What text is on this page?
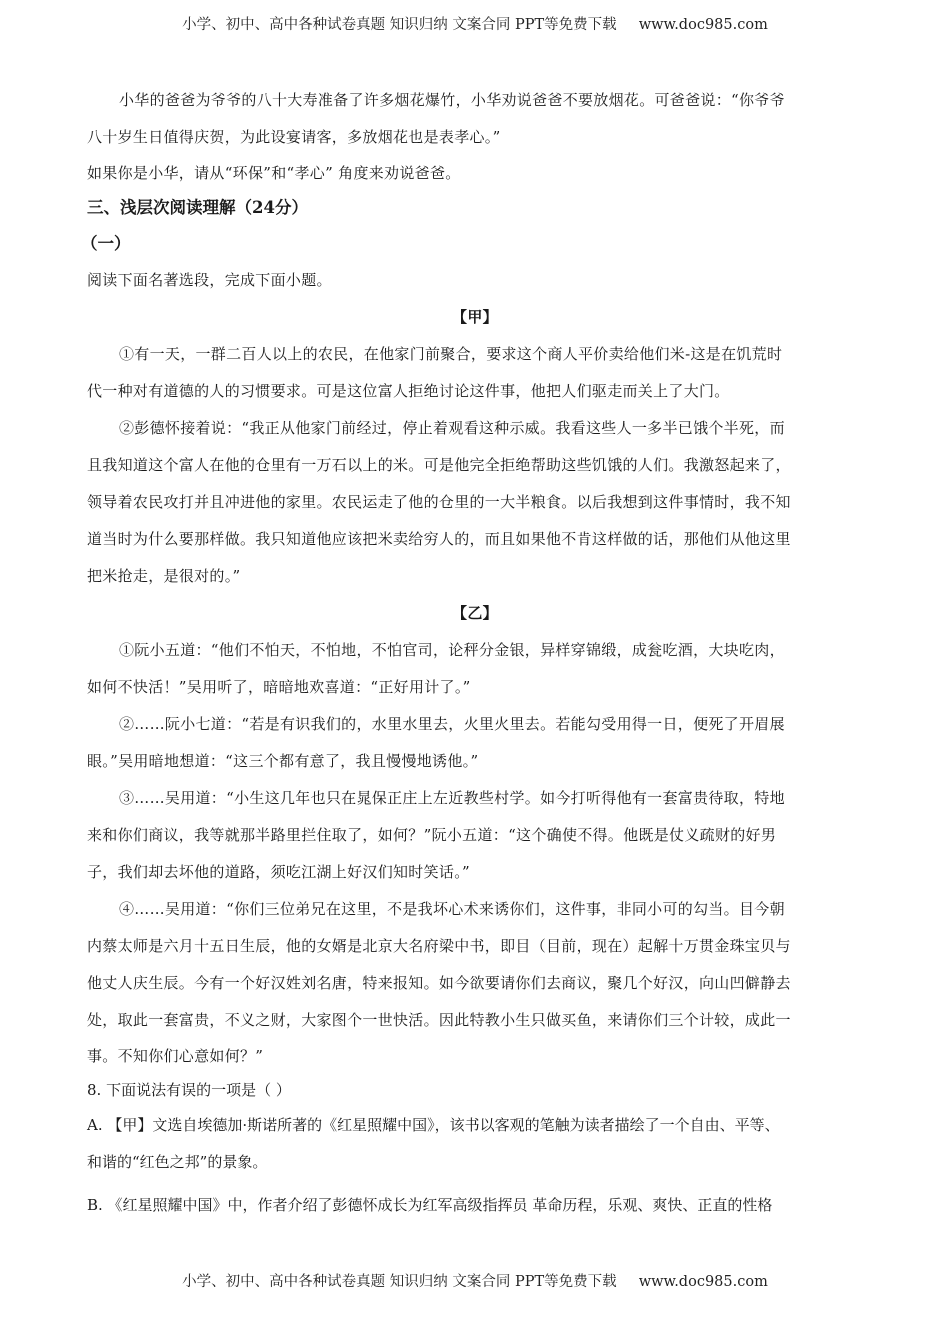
小学、初中、高中各种试卷真题 知识归纳 文案合同 PPT等免费下载 www.doc985.com
小华的爸爸为爷爷的八十大寿准备了许多烟花爆竹，小华劝说爸爸不要放烟花。可爸爸说：“你爷爷
八十岁生日值得庆贺，为此设宴请客，多放烟花也是表孝心。”
如果你是小华，请从“环保”和“孝心” 角度来劝说爸爸。
三、浅层次阅读理解（24分）
（一）
阅读下面名著选段，完成下面小题。
【甲】
①有一天，一群二百人以上的农民，在他家门前聚合，要求这个商人平价卖给他们米-这是在饥荒时
代一种对有道德的人的习惯要求。可是这位富人拒绝讨论这件事，他把人们驱走而关上了大门。
②彭德怀接着说：“我正从他家门前经过，停止着观看这种示威。我看这些人一多半已饿个半死，而
且我知道这个富人在他的仓里有一万石以上的米。可是他完全拒绝帮助这些饥饿的人们。我激怒起来了，
领导着农民攻打并且冲进他的家里。农民运走了他的仓里的一大半粮食。以后我想到这件事情时，我不知
道当时为什么要那样做。我只知道他应该把米卖给穷人的，而且如果他不肯这样做的话，那他们从他这里
把米抢走，是很对的。”
【乙】
①阮小五道：“他们不怕天，不怕地，不怕官司，论秤分金银，异样穿锦缎，成瓮吃酒，大块吃肉，
如何不快活！”吴用听了，暗暗地欢喜道：“正好用计了。”
②……阮小七道：“若是有识我们的，水里水里去，火里火里去。若能勾受用得一日，便死了开眉展
眼。”吴用暗地想道：“这三个都有意了，我且慢慢地诱他。”
③……吴用道：“小生这几年也只在晁保正庄上左近教些村学。如今打听得他有一套富贵待取，特地
来和你们商议，我等就那半路里拦住取了，如何？”阮小五道：“这个确使不得。他既是仗义疏财的好男
子，我们却去坏他的道路，须吃江湖上好汉们知时笑话。”
④……吴用道：“你们三位弟兄在这里，不是我坏心术来诱你们，这件事，非同小可的勾当。目今朝
内蔡太师是六月十五日生辰，他的女婿是北京大名府梁中书，即目（目前，现在）起解十万贯金珠宝贝与
他丈人庆生辰。今有一个好汉姓刘名唐，特来报知。如今欲要请你们去商议，聚几个好汉，向山凹僻静去
处，取此一套富贵，不义之财，大家图个一世快活。因此特教小生只做买鱼，来请你们三个计较，成此一
事。不知你们心意如何？”
8. 下面说法有误的一项是（ ）
A. 【甲】文选自埃德加·斯诺所著的《红星照耀中国》，该书以客观的笔触为读者描绘了一个自由、平等、
和谐的“红色之邦”的景象。
B. 《红星照耀中国》中，作者介绍了彭德怀成长为红军高级指挥员 革命历程，乐观、爽快、正直的性格
小学、初中、高中各种试卷真题 知识归纳 文案合同 PPT等免费下载 www.doc985.com
